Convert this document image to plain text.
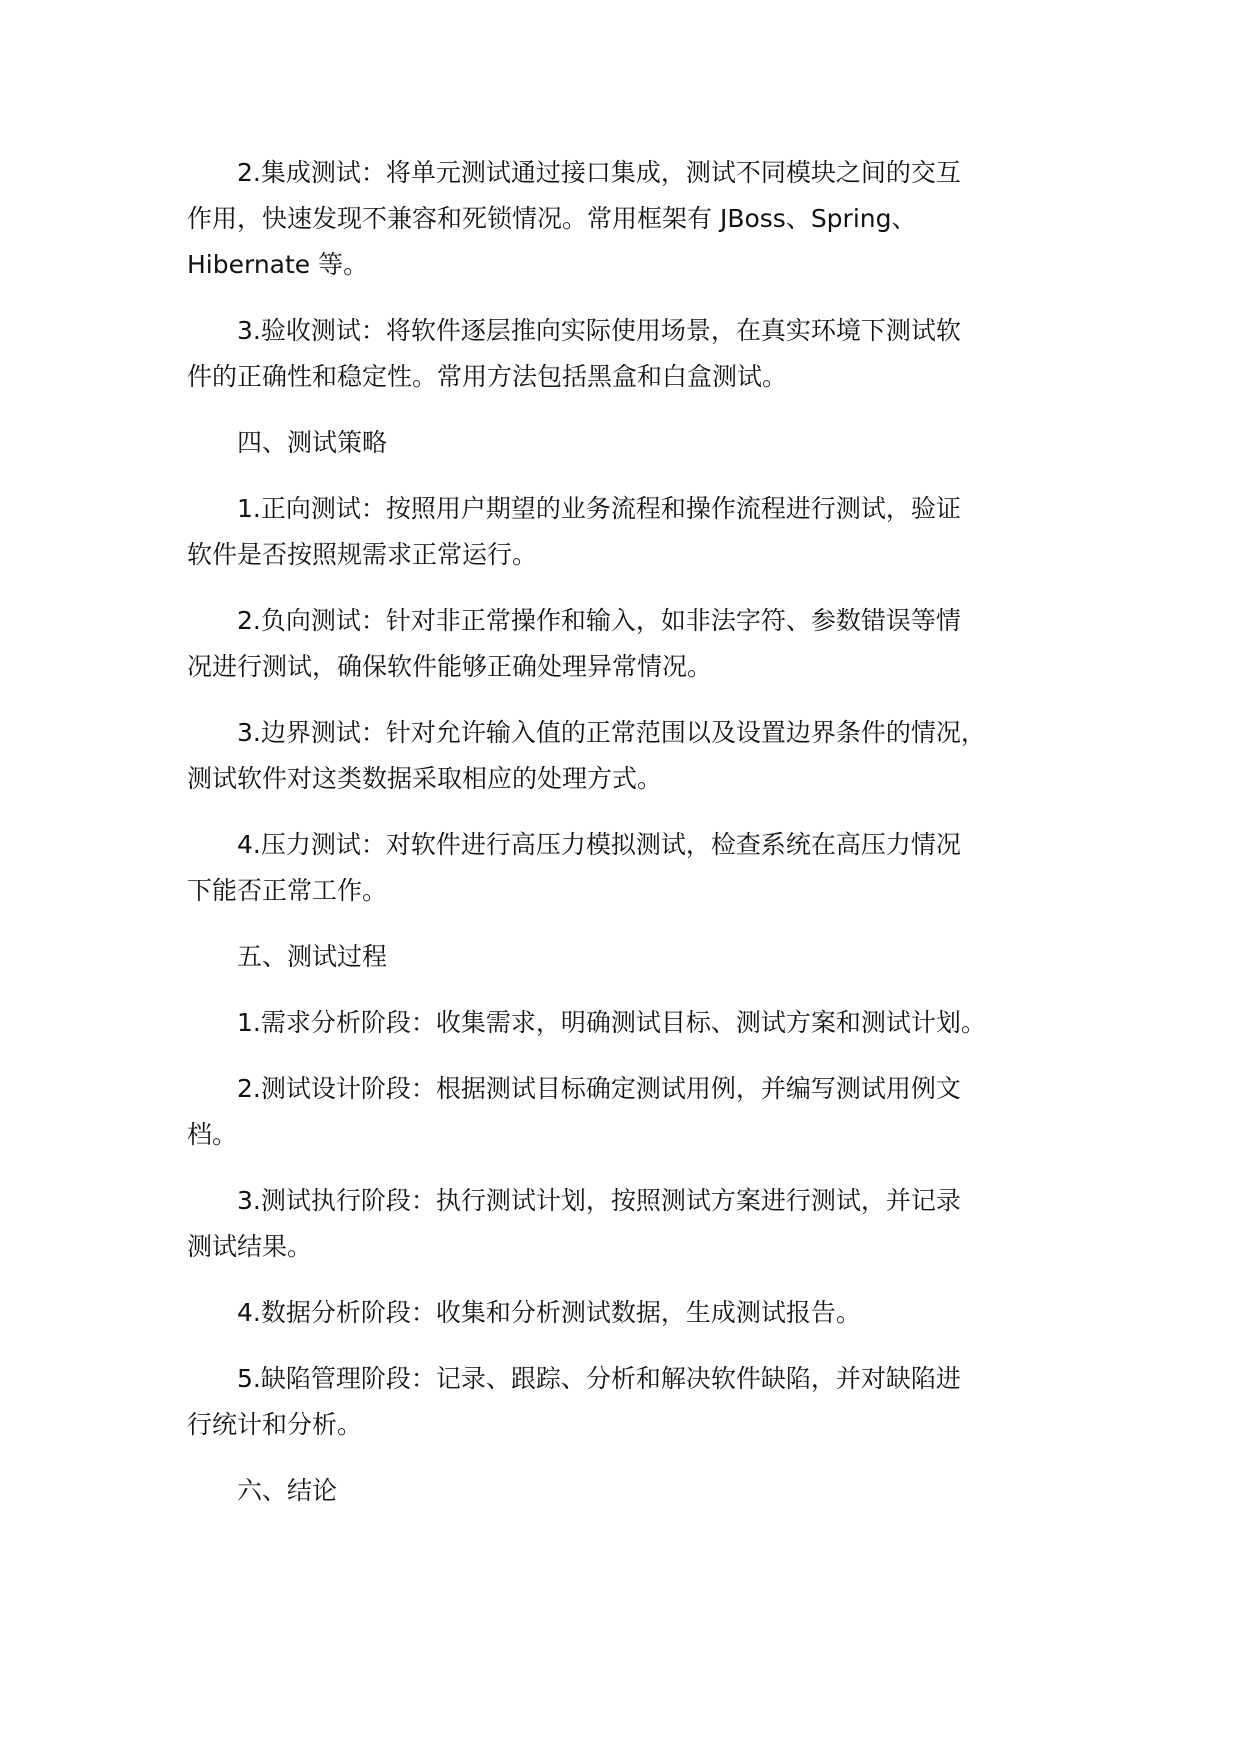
2.集成测试：将单元测试通过接口集成，测试不同模块之间的交互
作用，快速发现不兼容和死锁情况。常用框架有 JBoss、Spring、
Hibernate 等。

3.验收测试：将软件逐层推向实际使用场景，在真实环境下测试软
件的正确性和稳定性。常用方法包括黑盒和白盒测试。

四、测试策略

1.正向测试：按照用户期望的业务流程和操作流程进行测试，验证
软件是否按照规需求正常运行。

2.负向测试：针对非正常操作和输入，如非法字符、参数错误等情
况进行测试，确保软件能够正确处理异常情况。

3.边界测试：针对允许输入值的正常范围以及设置边界条件的情况，
测试软件对这类数据采取相应的处理方式。

4.压力测试：对软件进行高压力模拟测试，检查系统在高压力情况
下能否正常工作。

五、测试过程

1.需求分析阶段：收集需求，明确测试目标、测试方案和测试计划。

2.测试设计阶段：根据测试目标确定测试用例，并编写测试用例文
档。

3.测试执行阶段：执行测试计划，按照测试方案进行测试，并记录
测试结果。

4.数据分析阶段：收集和分析测试数据，生成测试报告。

5.缺陷管理阶段：记录、跟踪、分析和解决软件缺陷，并对缺陷进
行统计和分析。

六、结论
